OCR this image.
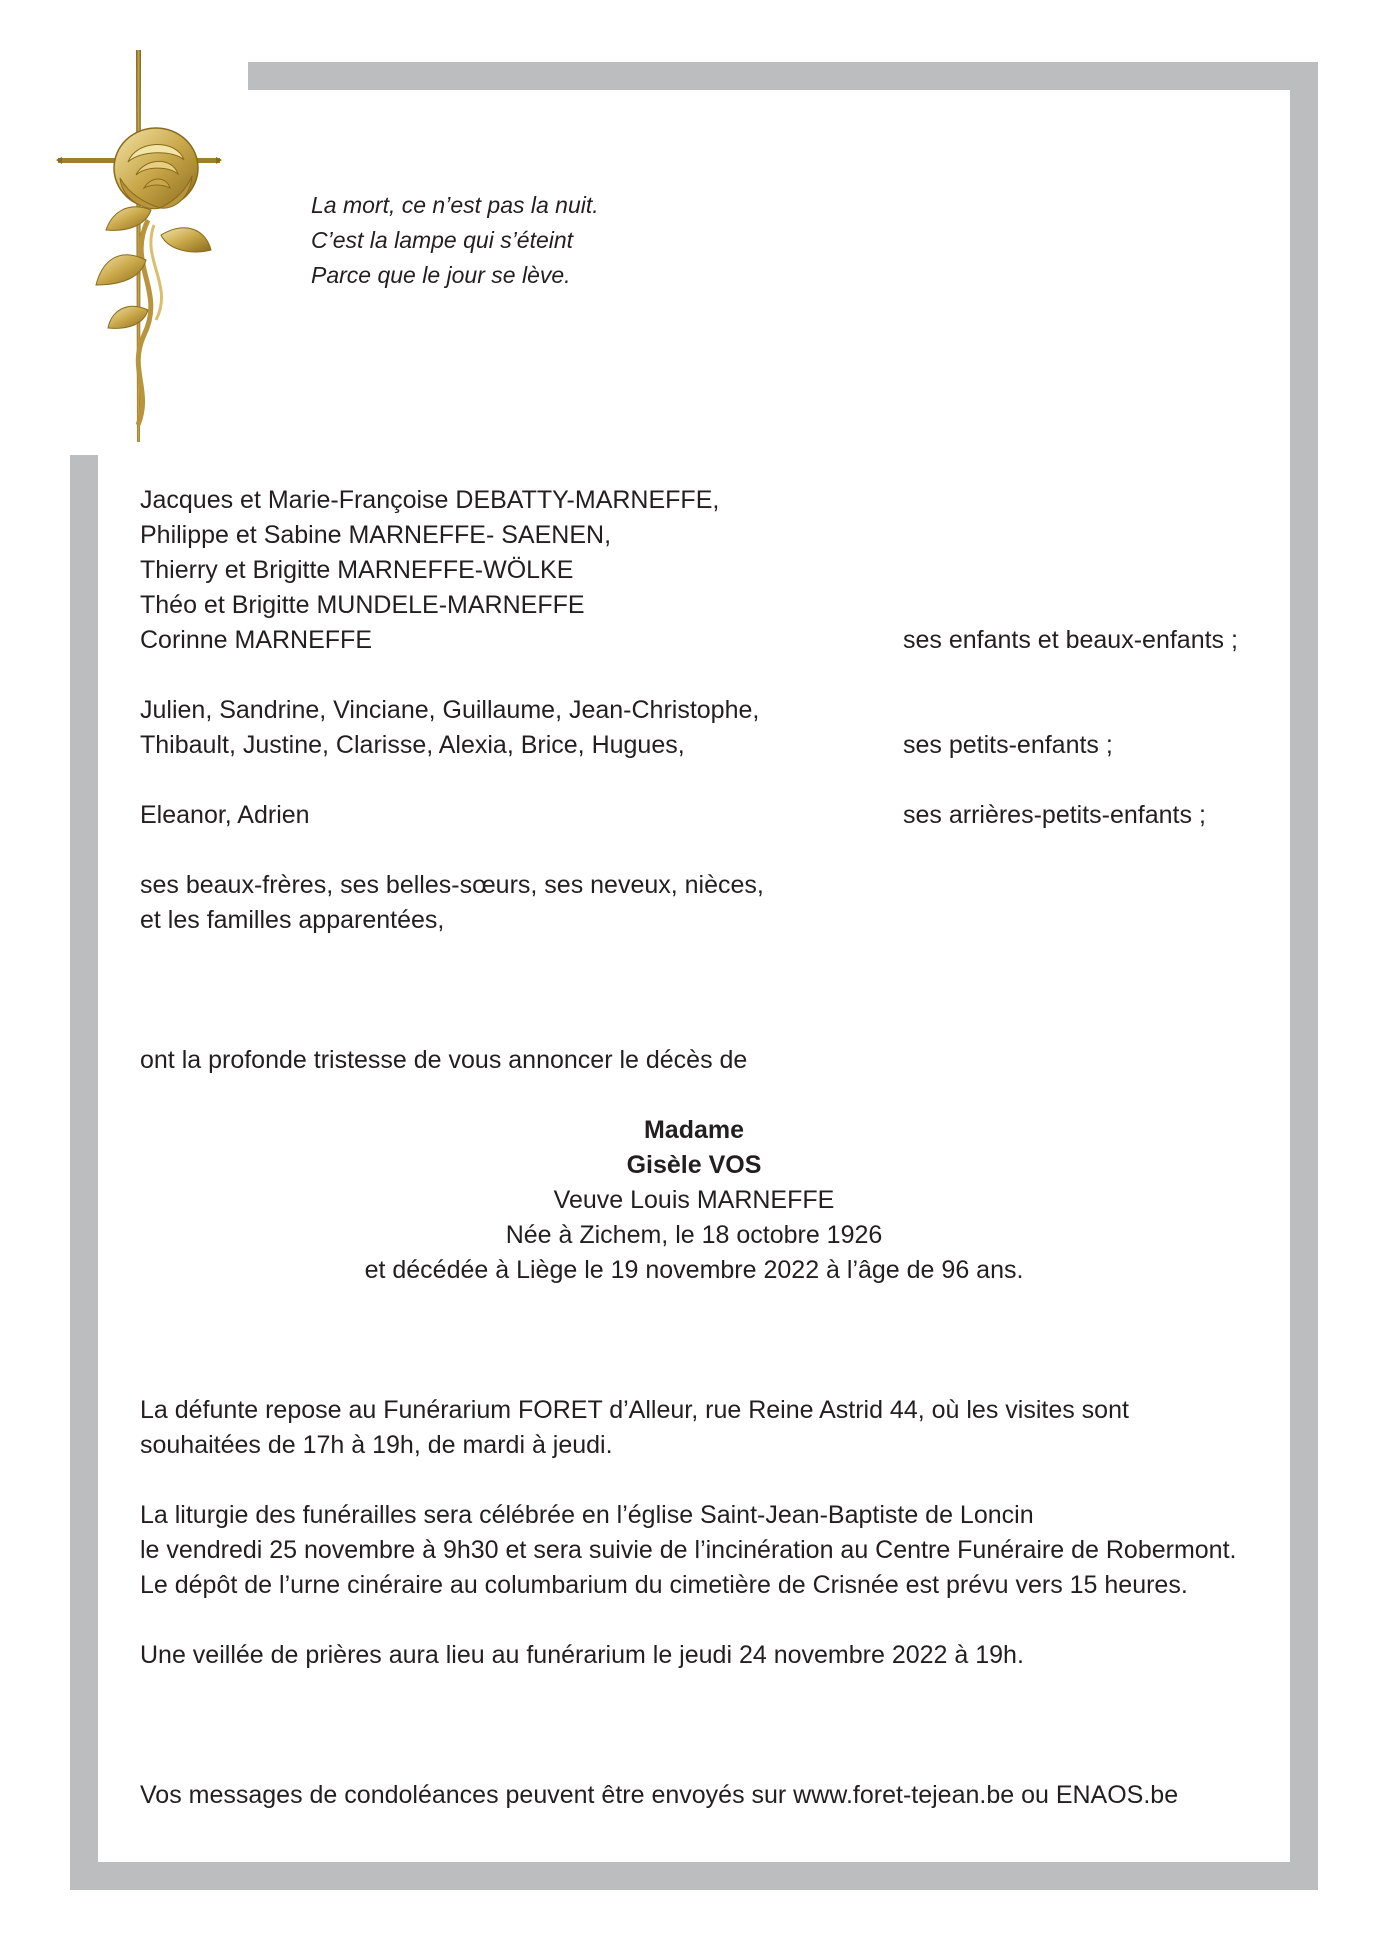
La mort, ce n’est pas la nuit.
C’est la lampe qui s’éteint
Parce que le jour se lève.
Jacques et Marie-Françoise DEBATTY-MARNEFFE,
Philippe et Sabine MARNEFFE- SAENEN,
Thierry et Brigitte MARNEFFE-WÖLKE
Théo et Brigitte MUNDELE-MARNEFFE
Corinne MARNEFFE	ses enfants et beaux-enfants ;
Julien, Sandrine, Vinciane, Guillaume, Jean-Christophe,
Thibault, Justine, Clarisse, Alexia, Brice, Hugues,	ses petits-enfants ;
Eleanor, Adrien	ses arrières-petits-enfants ;
ses beaux-frères, ses belles-sœurs, ses neveux, nièces,
et les familles apparentées,
ont la profonde tristesse de vous annoncer le décès de
Madame
Gisèle VOS
Veuve Louis MARNEFFE
Née à Zichem, le 18 octobre 1926
et décédée à Liège le 19 novembre 2022 à l’âge de 96 ans.
La défunte repose au Funérarium FORET d’Alleur, rue Reine Astrid 44, où les visites sont
souhaitées de 17h à 19h, de mardi à jeudi.
La liturgie des funérailles sera célébrée en l’église Saint-Jean-Baptiste de Loncin
le vendredi 25 novembre à 9h30 et sera suivie de l’incinération au Centre Funéraire de Robermont.
Le dépôt de l’urne cinéraire au columbarium du cimetière de Crisnée est prévu vers 15 heures.
Une veillée de prières aura lieu au funérarium le jeudi 24 novembre 2022 à 19h.
Vos messages de condoléances peuvent être envoyés sur www.foret-tejean.be ou ENAOS.be
